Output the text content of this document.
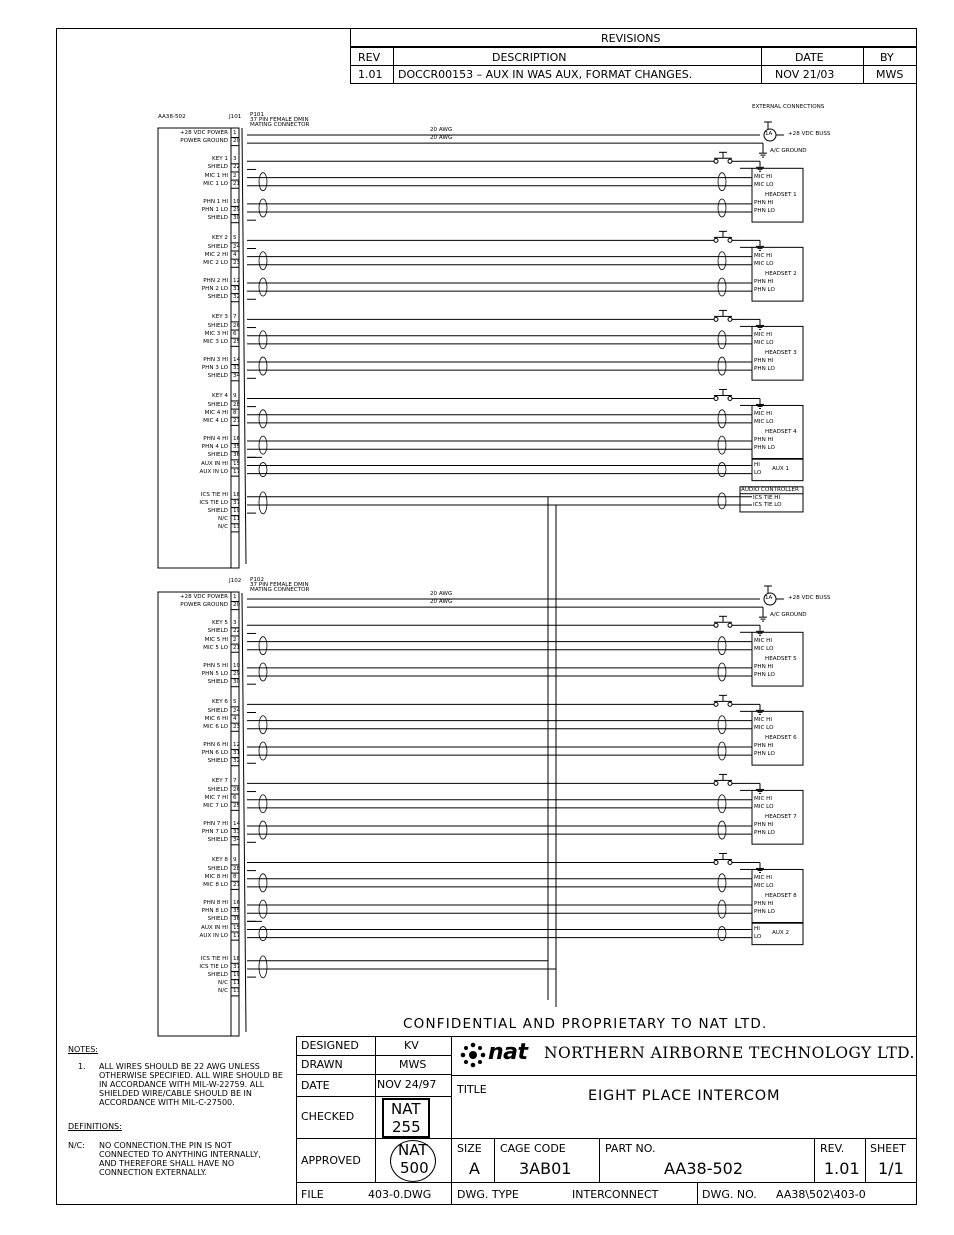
REVISIONS
REV	DESCRIPTION	DATE	BY
1.01 DOCCR00153 – AUX IN WAS AUX, FORMAT CHANGES.	NOV 21/03	MWS
AA38-502	J101 P101
37 PIN FEMALE DMIN
MATING CONNECTOR
+28 VDC POWER 1
POWER GROUND 20
KEY 1 3
SHIELD 22
MIC 1 HI 2
MIC 1 LO 21
PHN 1 HI 10
PHN 1 LO 29
SHIELD 30
KEY 2 5
SHIELD 24
MIC 2 HI 4
MIC 2 LO 23
PHN 2 HI 12
PHN 2 LO 31
SHIELD 32
KEY 3 7
SHIELD 26
MIC 3 HI 6
MIC 3 LO 25
PHN 3 HI 14
PHN 3 LO 33
SHIELD 34
KEY 4 9
SHIELD 28
MIC 4 HI 8
MIC 4 LO 27
PHN 4 HI 16
PHN 4 LO 35
SHIELD 36
AUX IN HI 15
AUX IN LO 17
ICS TIE HI 18
ICS TIE LO 37
SHIELD 19
N/C 11
N/C 13
20 AWG
20 AWG
1A	+28 VDC BUSS
EXTERNAL CONNECTIONS
A/C GROUND
MIC HI
MIC LO
HEADSET 1
PHN HI
PHN LO
MIC HI
MIC LO
HEADSET 2
PHN HI
PHN LO
MIC HI
MIC LO
HEADSET 3
PHN HI
PHN LO
MIC HI
MIC LO
HEADSET 4
PHN HI
PHN LO
HI
LO
AUX 1
AUDIO CONTROLLER
ICS TIE HI
ICS TIE LO
J102 P102
37 PIN FEMALE DMIN
MATING CONNECTOR
+28 VDC POWER 1
POWER GROUND 20
KEY 5 3
SHIELD 22
MIC 5 HI 2
MIC 5 LO 21
PHN 5 HI 10
PHN 5 LO 29
SHIELD 30
KEY 6 5
SHIELD 24
MIC 6 HI 4
MIC 6 LO 23
PHN 6 HI 12
PHN 6 LO 31
SHIELD 32
KEY 7 7
SHIELD 26
MIC 7 HI 6
MIC 7 LO 25
PHN 7 HI 14
PHN 7 LO 33
SHIELD 34
KEY 8 9
SHIELD 28
MIC 8 HI 8
MIC 8 LO 27
PHN 8 HI 16
PHN 8 LO 35
SHIELD 36
AUX IN HI 15
AUX IN LO 17
ICS TIE HI 18
ICS TIE LO 37
SHIELD 19
N/C 11
N/C 13
20 AWG
20 AWG
1A	+28 VDC BUSS
A/C GROUND
MIC HI
MIC LO
HEADSET 5
PHN HI
PHN LO
MIC HI
MIC LO
HEADSET 6
PHN HI
PHN LO
MIC HI
MIC LO
HEADSET 7
PHN HI
PHN LO
MIC HI
MIC LO
HEADSET 8
PHN HI
PHN LO
HI
LO
AUX 2
CONFIDENTIAL AND PROPRIETARY TO NAT LTD.
NOTES:
1. ALL WIRES SHOULD BE 22 AWG UNLESS
OTHERWISE SPECIFIED. ALL WIRE SHOULD BE
IN ACCORDANCE WITH MIL-W-22759. ALL
SHIELDED WIRE/CABLE SHOULD BE IN
ACCORDANCE WITH MIL-C-27500.
DEFINITIONS:
N/C: NO CONNECTION.THE PIN IS NOT
CONNECTED TO ANYTHING INTERNALLY,
AND THEREFORE SHALL HAVE NO
CONNECTION EXTERNALLY.
DESIGNED	KV
DRAWN	MWS
DATE	NOV 24/97
CHECKED NAT
255
APPROVED
NAT
500
FILE	403-0.DWG
nat NORTHERN AIRBORNE TECHNOLOGY LTD.
TITLE	EIGHT PLACE INTERCOM
SIZE
A
CAGE CODE
3AB01
PART NO.
AA38-502
REV.
1.01
SHEET
1/1
DWG. TYPE	INTERCONNECT	DWG. NO. AA38\502\403-0
